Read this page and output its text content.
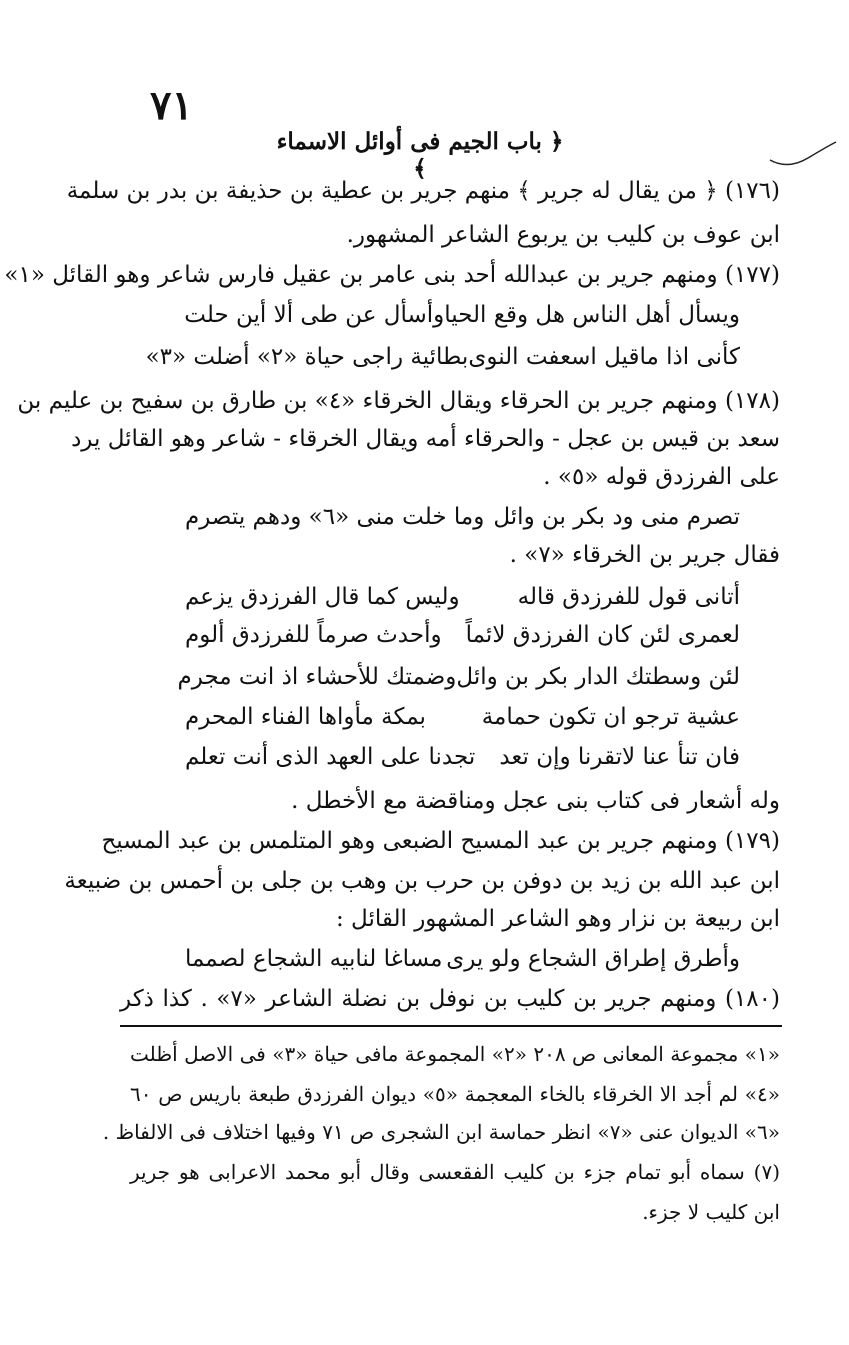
٧١
﴿ باب الجيم فى أوائل الاسماء ﴾
(١٧٦) ﴿ من يقال له جرير ﴾ منهم جرير بن عطية بن حذيفة بن بدر بن سلمة
ابن عوف بن كليب بن يربوع الشاعر المشهور.
(١٧٧) ومنهم جرير بن عبدالله أحد بنى عامر بن عقيل فارس شاعر وهو القائل «١»
ويسأل أهل الناس هل وقع الحيا
وأسأل عن طى ألا أين حلت
كأنى اذا ماقيل اسعفت النوى
بطائية راجى حياة «٢» أضلت «٣»
(١٧٨) ومنهم جرير بن الحرقاء ويقال الخرقاء «٤» بن طارق بن سفيح بن عليم بن
سعد بن قيس بن عجل - والحرقاء أمه ويقال الخرقاء - شاعر وهو القائل يرد
على الفرزدق قوله «٥» .
تصرم منى ود بكر بن وائل
وما خلت منى «٦» ودهم يتصرم
فقال جرير بن الخرقاء «٧» .
أتانى قول للفرزدق قاله
وليس كما قال الفرزدق يزعم
لعمرى لئن كان الفرزدق لائماً
وأحدث صرماً للفرزدق ألوم
لئن وسطتك الدار بكر بن وائل
وضمتك للأحشاء اذ انت مجرم
عشية ترجو ان تكون حمامة
بمكة مأواها الفناء المحرم
فان تنأ عنا لاتقرنا وإن تعد
تجدنا على العهد الذى أنت تعلم
وله أشعار فى كتاب بنى عجل ومناقضة مع الأخطل .
(١٧٩) ومنهم جرير بن عبد المسيح الضبعى وهو المتلمس بن عبد المسيح
ابن عبد الله بن زيد بن دوفن بن حرب بن وهب بن جلى بن أحمس بن ضبيعة
ابن ربيعة بن نزار وهو الشاعر المشهور القائل :
وأطرق إطراق الشجاع ولو يرى
مساغا لنابيه الشجاع لصمما
(١٨٠) ومنهم جرير بن كليب بن نوفل بن نضلة الشاعر «٧» . كذا ذكر
«١» مجموعة المعانى ص ٢٠٨ «٢» المجموعة مافى حياة «٣» فى الاصل أظلت
«٤» لم أجد الا الخرقاء بالخاء المعجمة «٥» ديوان الفرزدق طبعة باريس ص ٦٠
«٦» الديوان عنى «٧» انظر حماسة ابن الشجرى ص ٧١ وفيها اختلاف فى الالفاظ .
(٧) سماه أبو تمام جزء بن كليب الفقعسى وقال أبو محمد الاعرابى هو جرير
ابن كليب لا جزء.
